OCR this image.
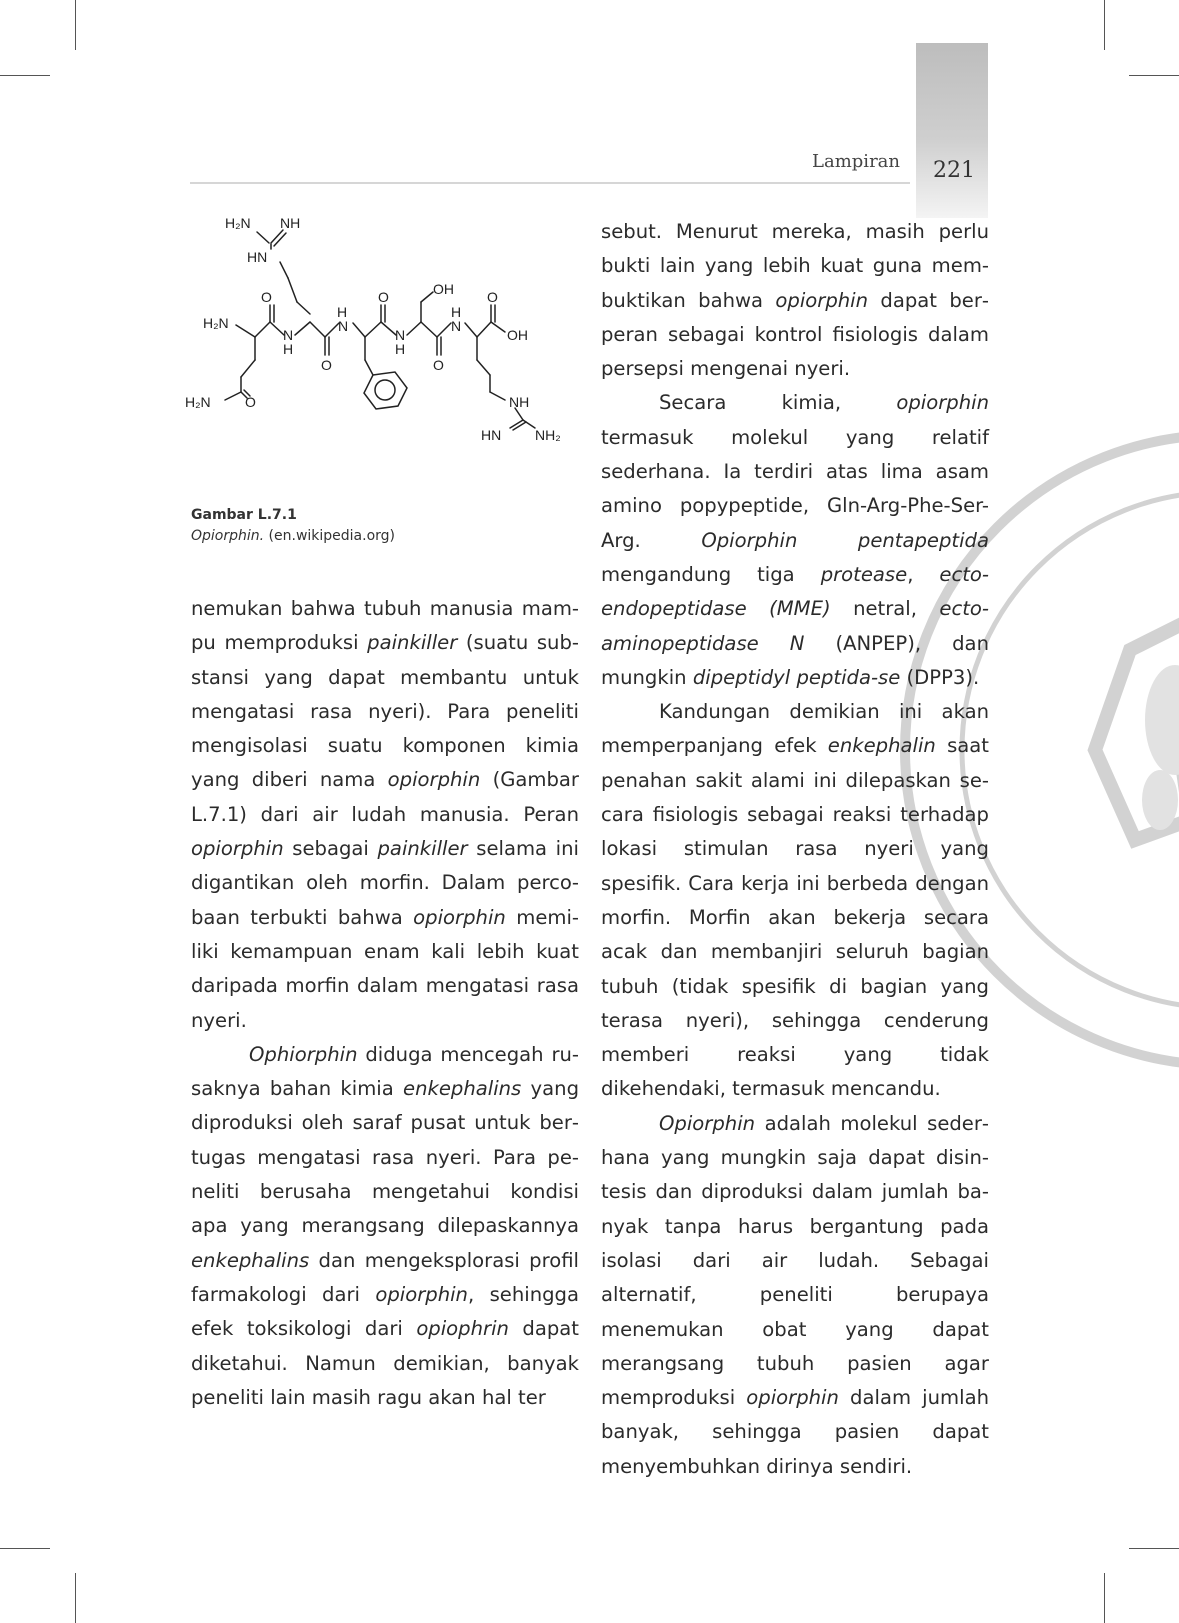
Lampiran	221
H₂N NH
HN
H₂N
O
N
H
O
H
N
O
N
H
OH
O
H
N
O
OH
H₂N O	NH
HN NH₂
Gambar L.7.1
Opiorphin. (en.wikipedia.org)

nemukan bahwa tubuh manusia mampu memproduksi painkiller (suatu substansi yang dapat membantu untuk mengatasi rasa nyeri). Para peneliti mengisolasi suatu komponen kimia yang diberi nama opiorphin (Gambar L.7.1) dari air ludah manusia. Peran opiorphin sebagai painkiller selama ini digantikan oleh morfin. Dalam percobaan terbukti bahwa opiorphin memiliki kemampuan enam kali lebih kuat daripada morfin dalam mengatasi rasa nyeri.

Ophiorphin diduga mencegah rusaknya bahan kimia enkephalins yang diproduksi oleh saraf pusat untuk bertugas mengatasi rasa nyeri. Para peneliti berusaha mengetahui kondisi apa yang merangsang dilepaskannya enkephalins dan mengeksplorasi profil farmakologi dari opiorphin, sehingga efek toksikologi dari opiophrin dapat diketahui. Namun demikian, banyak peneliti lain masih ragu akan hal ter

sebut. Menurut mereka, masih perlu bukti lain yang lebih kuat guna membuktikan bahwa opiorphin dapat berperan sebagai kontrol fisiologis dalam persepsi mengenai nyeri.

Secara kimia, opiorphin termasuk molekul yang relatif sederhana. Ia terdiri atas lima asam amino popypeptide, Gln-Arg-Phe-Ser-Arg. Opiorphin pentapeptida mengandung tiga protease, ecto-endopeptidase (MME) netral, ecto-aminopeptidase N (ANPEP), dan mungkin dipeptidyl peptida-se (DPP3).

Kandungan demikian ini akan memperpanjang efek enkephalin saat penahan sakit alami ini dilepaskan secara fisiologis sebagai reaksi terhadap lokasi stimulan rasa nyeri yang spesifik. Cara kerja ini berbeda dengan morfin. Morfin akan bekerja secara acak dan membanjiri seluruh bagian tubuh (tidak spesifik di bagian yang terasa nyeri), sehingga cenderung memberi reaksi yang tidak dikehendaki, termasuk mencandu.

Opiorphin adalah molekul sederhana yang mungkin saja dapat disintesis dan diproduksi dalam jumlah banyak tanpa harus bergantung pada isolasi dari air ludah. Sebagai alternatif, peneliti berupaya menemukan obat yang dapat merangsang tubuh pasien agar memproduksi opiorphin dalam jumlah banyak, sehingga pasien dapat menyembuhkan dirinya sendiri.
